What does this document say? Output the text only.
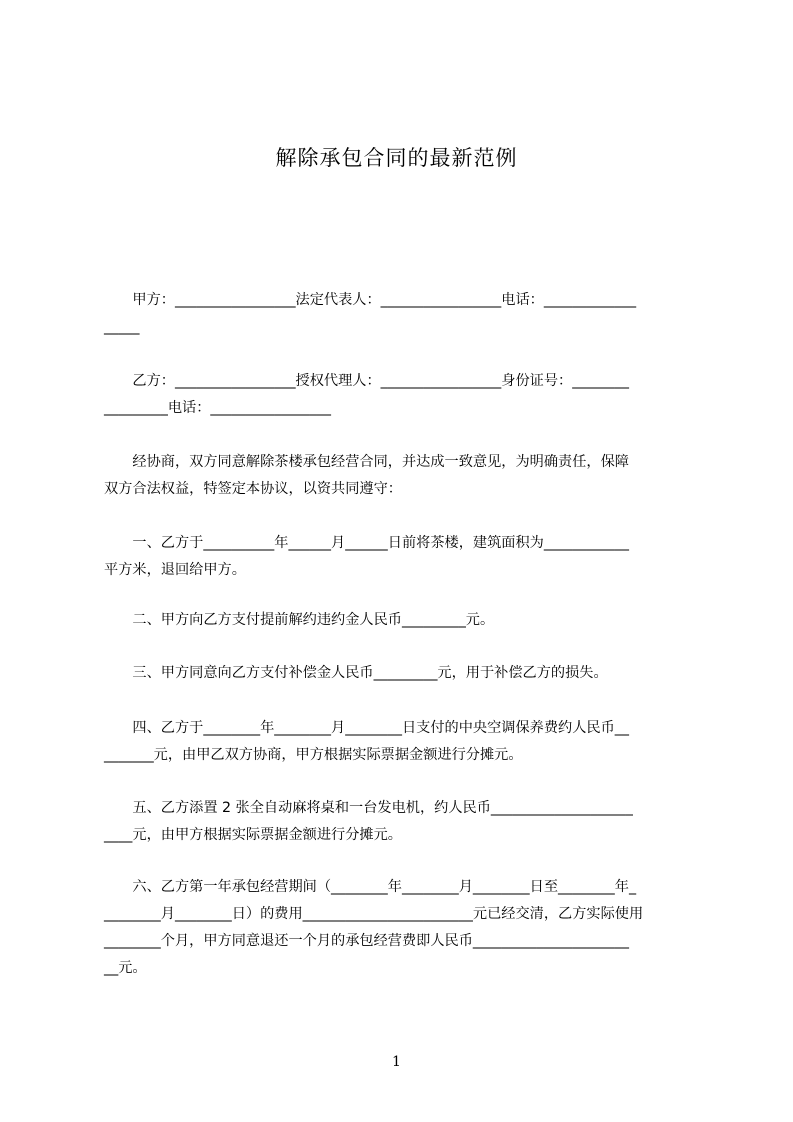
解除承包合同的最新范例

　　甲方：_________________法定代表人：_________________电话：_____________
_____

　　乙方：_________________授权代理人：_________________身份证号：________
_________电话：_________________

　　经协商，双方同意解除茶楼承包经营合同，并达成一致意见，为明确责任，保障
双方合法权益，特签定本协议，以资共同遵守：

　　一、乙方于__________年______月______日前将茶楼，建筑面积为____________
平方米，退回给甲方。

　　二、甲方向乙方支付提前解约违约金人民币_________元。

　　三、甲方同意向乙方支付补偿金人民币_________元，用于补偿乙方的损失。

　　四、乙方于________年________月________日支付的中央空调保养费约人民币__
_______元，由甲乙双方协商，甲方根据实际票据金额进行分摊元。

　　五、乙方添置 2 张全自动麻将桌和一台发电机，约人民币____________________
____元，由甲方根据实际票据金额进行分摊元。

　　六、乙方第一年承包经营期间（________年________月________日至________年_
________月________日）的费用________________________元已经交清，乙方实际使用
________个月，甲方同意退还一个月的承包经营费即人民币______________________
__元。

1
